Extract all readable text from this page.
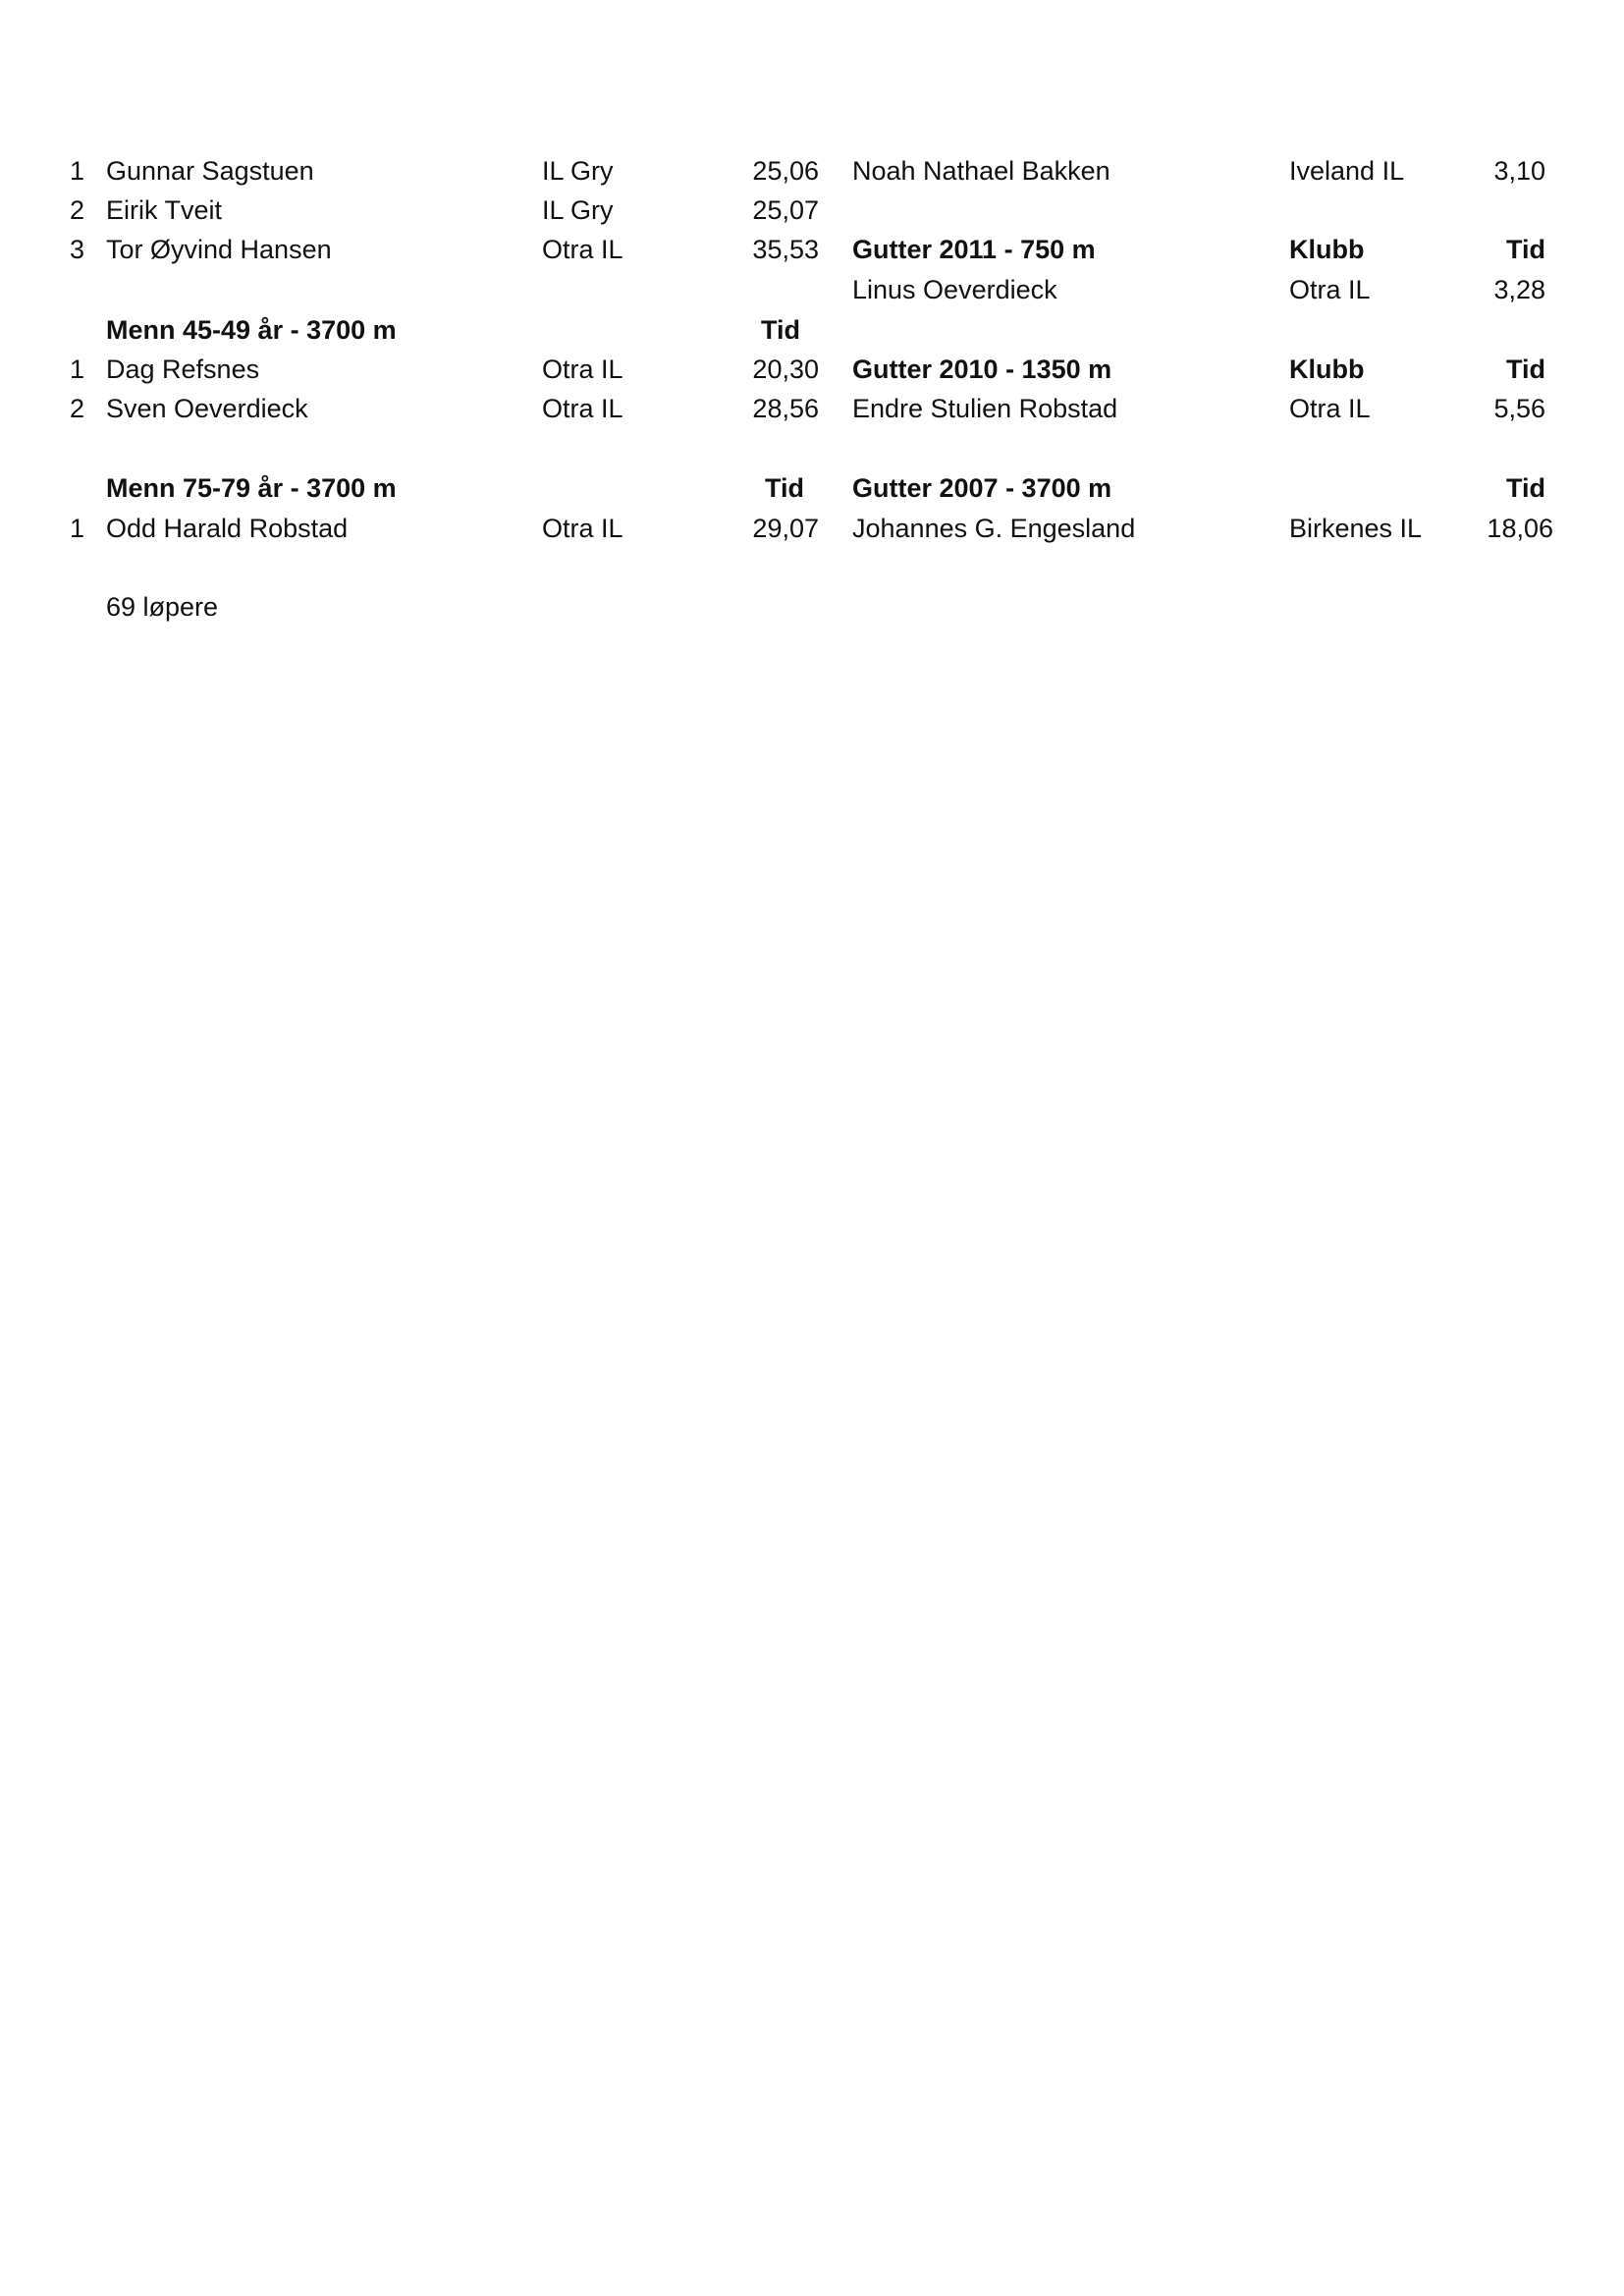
1 Gunnar Sagstuen	IL Gry	25,06
2 Eirik Tveit	IL Gry	25,07
3 Tor Øyvind Hansen	Otra IL	35,53
Menn 45-49 år - 3700 m	Tid
1 Dag Refsnes	Otra IL	20,30
2 Sven Oeverdieck	Otra IL	28,56
Menn 75-79 år - 3700 m	Tid
1 Odd Harald Robstad	Otra IL	29,07
Noah Nathael Bakken	Iveland IL	3,10
Gutter 2011 - 750 m	Klubb	Tid
Linus Oeverdieck	Otra IL	3,28
Gutter 2010 - 1350 m	Klubb	Tid
Endre Stulien Robstad	Otra IL	5,56
Gutter 2007 - 3700 m	Tid
Johannes G. Engesland	Birkenes IL	18,06
69 løpere
